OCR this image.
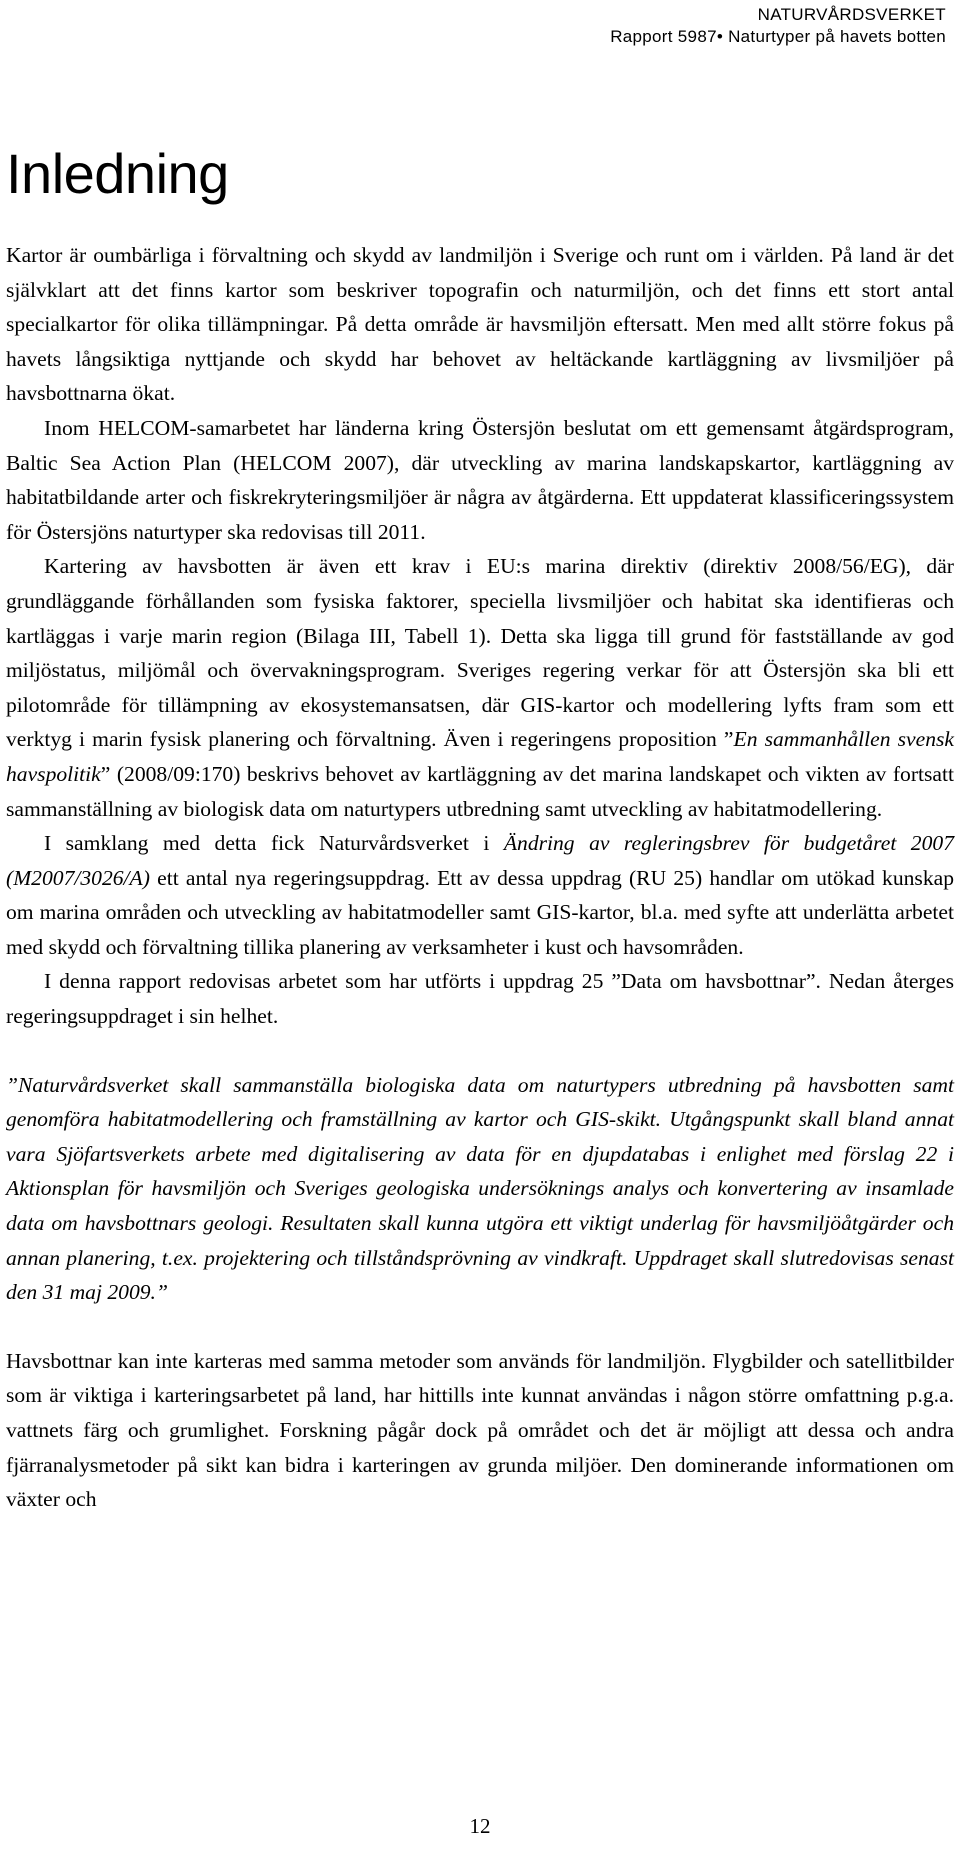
NATURVÅRDSVERKET
Rapport 5987• Naturtyper på havets botten
Inledning

Kartor är oumbärliga i förvaltning och skydd av landmiljön i Sverige och runt om i världen. På land är det självklart att det finns kartor som beskriver topografin och naturmiljön, och det finns ett stort antal specialkartor för olika tillämpningar. På detta område är havsmiljön eftersatt. Men med allt större fokus på havets långsiktiga nyttjande och skydd har behovet av heltäckande kartläggning av livsmiljöer på havsbottnarna ökat.

Inom HELCOM-samarbetet har länderna kring Östersjön beslutat om ett gemensamt åtgärdsprogram, Baltic Sea Action Plan (HELCOM 2007), där utveckling av marina landskapskartor, kartläggning av habitatbildande arter och fiskrekryteringsmiljöer är några av åtgärderna. Ett uppdaterat klassificeringssystem för Östersjöns naturtyper ska redovisas till 2011.

Kartering av havsbotten är även ett krav i EU:s marina direktiv (direktiv 2008/56/EG), där grundläggande förhållanden som fysiska faktorer, speciella livsmiljöer och habitat ska identifieras och kartläggas i varje marin region (Bilaga III, Tabell 1). Detta ska ligga till grund för fastställande av god miljöstatus, miljömål och övervakningsprogram. Sveriges regering verkar för att Östersjön ska bli ett pilotområde för tillämpning av ekosystemansatsen, där GIS-kartor och modellering lyfts fram som ett verktyg i marin fysisk planering och förvaltning. Även i regeringens proposition ”En sammanhållen svensk havspolitik” (2008/09:170) beskrivs behovet av kartläggning av det marina landskapet och vikten av fortsatt sammanställning av biologisk data om naturtypers utbredning samt utveckling av habitatmodellering.

I samklang med detta fick Naturvårdsverket i Ändring av regleringsbrev för budgetåret 2007 (M2007/3026/A) ett antal nya regeringsuppdrag. Ett av dessa uppdrag (RU 25) handlar om utökad kunskap om marina områden och utveckling av habitatmodeller samt GIS-kartor, bl.a. med syfte att underlätta arbetet med skydd och förvaltning tillika planering av verksamheter i kust och havsområden.

I denna rapport redovisas arbetet som har utförts i uppdrag 25 ”Data om havsbottnar”. Nedan återges regeringsuppdraget i sin helhet.

”Naturvårdsverket skall sammanställa biologiska data om naturtypers utbredning på havsbotten samt genomföra habitatmodellering och framställning av kartor och GIS-skikt. Utgångspunkt skall bland annat vara Sjöfartsverkets arbete med digitalisering av data för en djupdatabas i enlighet med förslag 22 i Aktionsplan för havsmiljön och Sveriges geologiska undersöknings analys och konvertering av insamlade data om havsbottnars geologi. Resultaten skall kunna utgöra ett viktigt underlag för havsmiljöåtgärder och annan planering, t.ex. projektering och tillståndsprövning av vindkraft. Uppdraget skall slutredovisas senast den 31 maj 2009.”

Havsbottnar kan inte karteras med samma metoder som används för landmiljön. Flygbilder och satellitbilder som är viktiga i karteringsarbetet på land, har hittills inte kunnat användas i någon större omfattning p.g.a. vattnets färg och grumlighet. Forskning pågår dock på området och det är möjligt att dessa och andra fjärranalysmetoder på sikt kan bidra i karteringen av grunda miljöer. Den dominerande informationen om växter och

12
